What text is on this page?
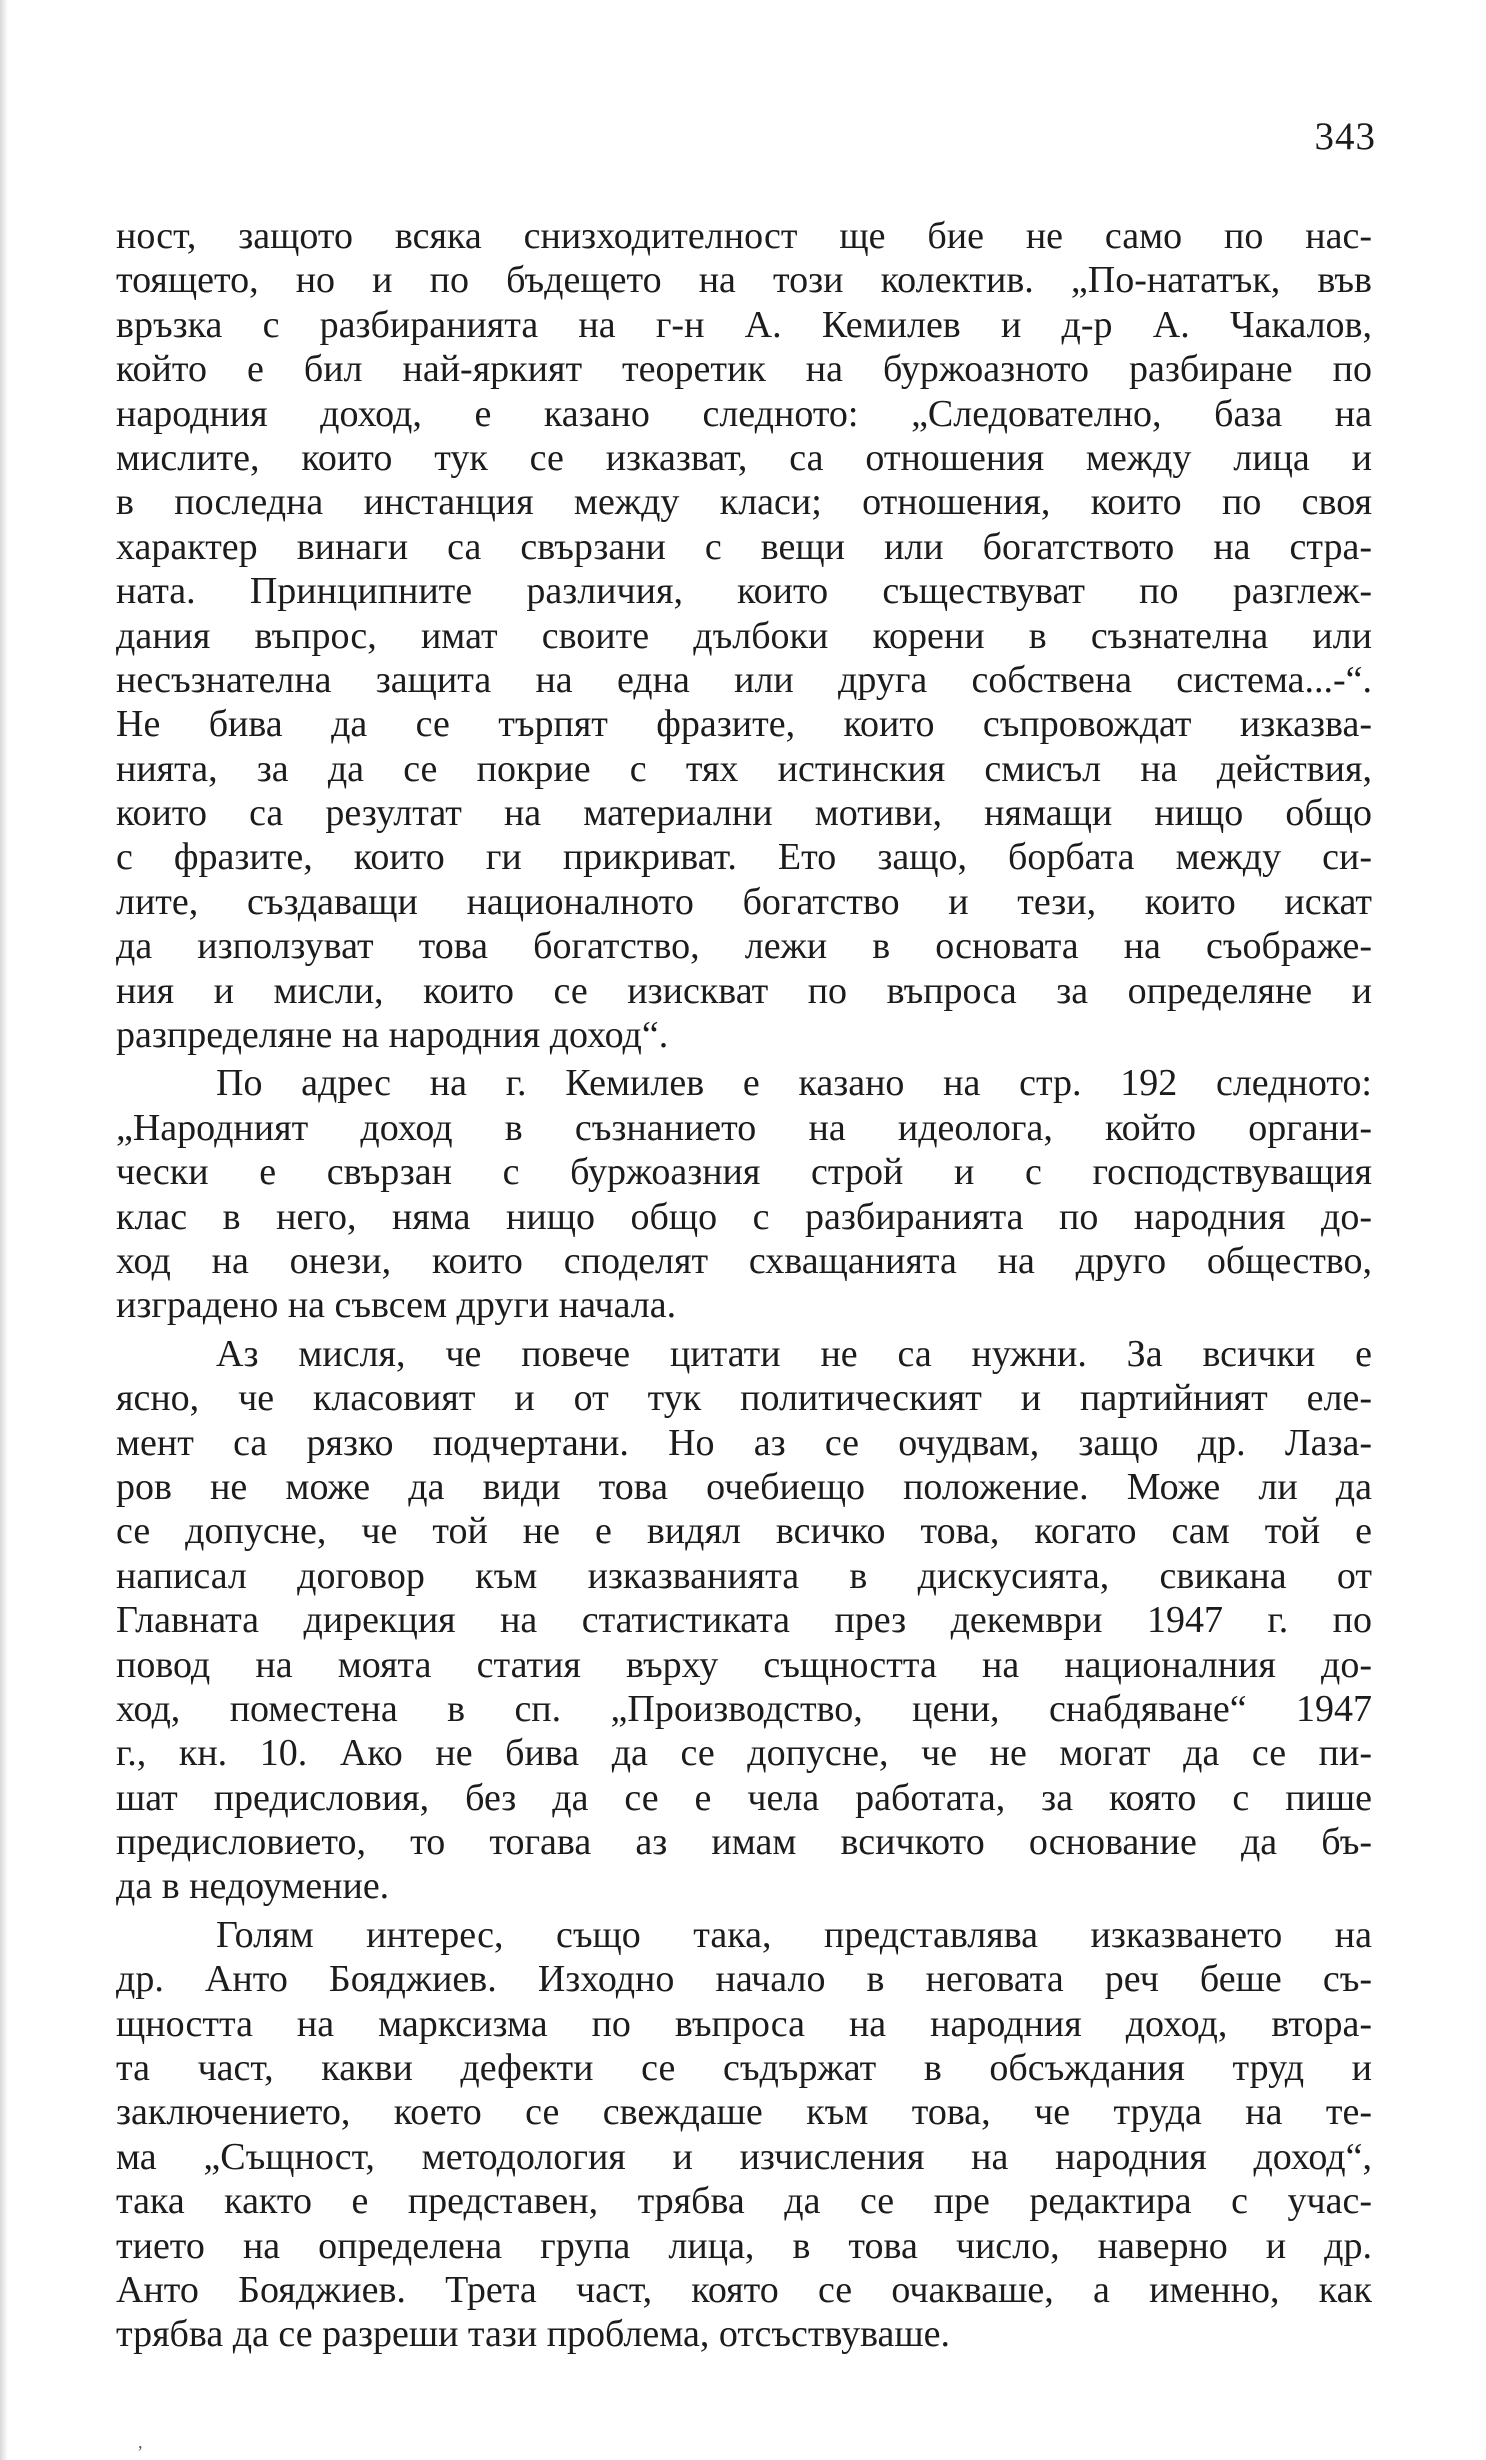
343
ност, защото всяка снизходителност ще бие не само по нас-
тоящето, но и по бъдещето на този колектив. „По-нататък, във
връзка с разбиранията на г-н А. Кемилев и д-р А. Чакалов,
който е бил най-яркият теоретик на буржоазното разбиране по
народния доход, е казано следното: „Следователно, база на
мислите, които тук се изказват, са отношения между лица и
в последна инстанция между класи; отношения, които по своя
характер винаги са свързани с вещи или богатството на стра-
ната. Принципните различия, които съществуват по разглеж-
дания въпрос, имат своите дълбоки корени в съзнателна или
несъзнателна защита на една или друга собствена система...-“.
Не бива да се търпят фразите, които съпровождат изказва-
нията, за да се покрие с тях истинския смисъл на действия,
които са резултат на материални мотиви, нямащи нищо общо
с фразите, които ги прикриват. Ето защо, борбата между си-
лите, създаващи националното богатство и тези, които искат
да използуват това богатство, лежи в основата на съображе-
ния и мисли, които се изискват по въпроса за определяне и
разпределяне на народния доход“.
По адрес на г. Кемилев е казано на стр. 192 следното:
„Народният доход в съзнанието на идеолога, който органи-
чески е свързан с буржоазния строй и с господствуващия
клас в него, няма нищо общо с разбиранията по народния до-
ход на онези, които споделят схващанията на друго общество,
изградено на съвсем други начала.
Аз мисля, че повече цитати не са нужни. За всички е
ясно, че класовият и от тук политическият и партийният еле-
мент са рязко подчертани. Но аз се очудвам, защо др. Лаза-
ров не може да види това очебиещо положение. Може ли да
се допусне, че той не е видял всичко това, когато сам той е
написал договор към изказванията в дискусията, свикана от
Главната дирекция на статистиката през декември 1947 г. по
повод на моята статия върху същността на националния до-
ход, поместена в сп. „Производство, цени, снабдяване“ 1947
г., кн. 10. Ако не бива да се допусне, че не могат да се пи-
шат предисловия, без да се е чела работата, за която с пише
предисловието, то тогава аз имам всичкото основание да бъ-
да в недоумение.
Голям интерес, също така, представлява изказването на
др. Анто Бояджиев. Изходно начало в неговата реч беше съ-
щността на марксизма по въпроса на народния доход, втора-
та част, какви дефекти се съдържат в обсъждания труд и
заключението, което се свеждаше към това, че труда на те-
ма „Същност, методология и изчисления на народния доход“,
така както е представен, трябва да се пре редактира с учас-
тието на определена група лица, в това число, наверно и др.
Анто Бояджиев. Трета част, която се очакваше, а именно, как
трябва да се разреши тази проблема, отсъствуваше.
,
